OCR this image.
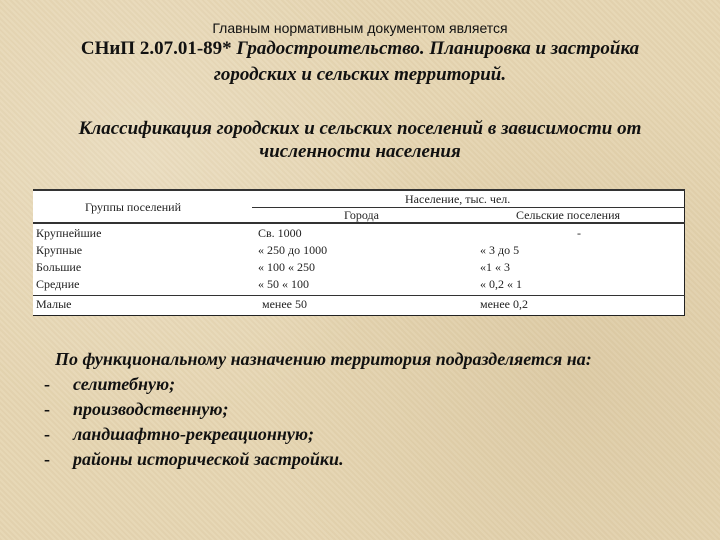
Главным нормативным документом является
СНиП 2.07.01-89* Градостроительство. Планировка и застройка
городских и сельских территорий.
Классификация городских и сельских поселений в зависимости от
численности населения
Группы поселений
Население, тыс. чел.
Города	Сельские поселения
Крупнейшие	Св. 1000	-
Крупные	« 250 до 1000	« 3 до 5
Большие	« 100 « 250	«1 « 3
Средние	« 50 « 100	« 0,2 « 1
Малые	менее 50	менее 0,2
По функциональному назначению территория подразделяется на:
- селитебную;
- производственную;
- ландшафтно-рекреационную;
- районы исторической застройки.
